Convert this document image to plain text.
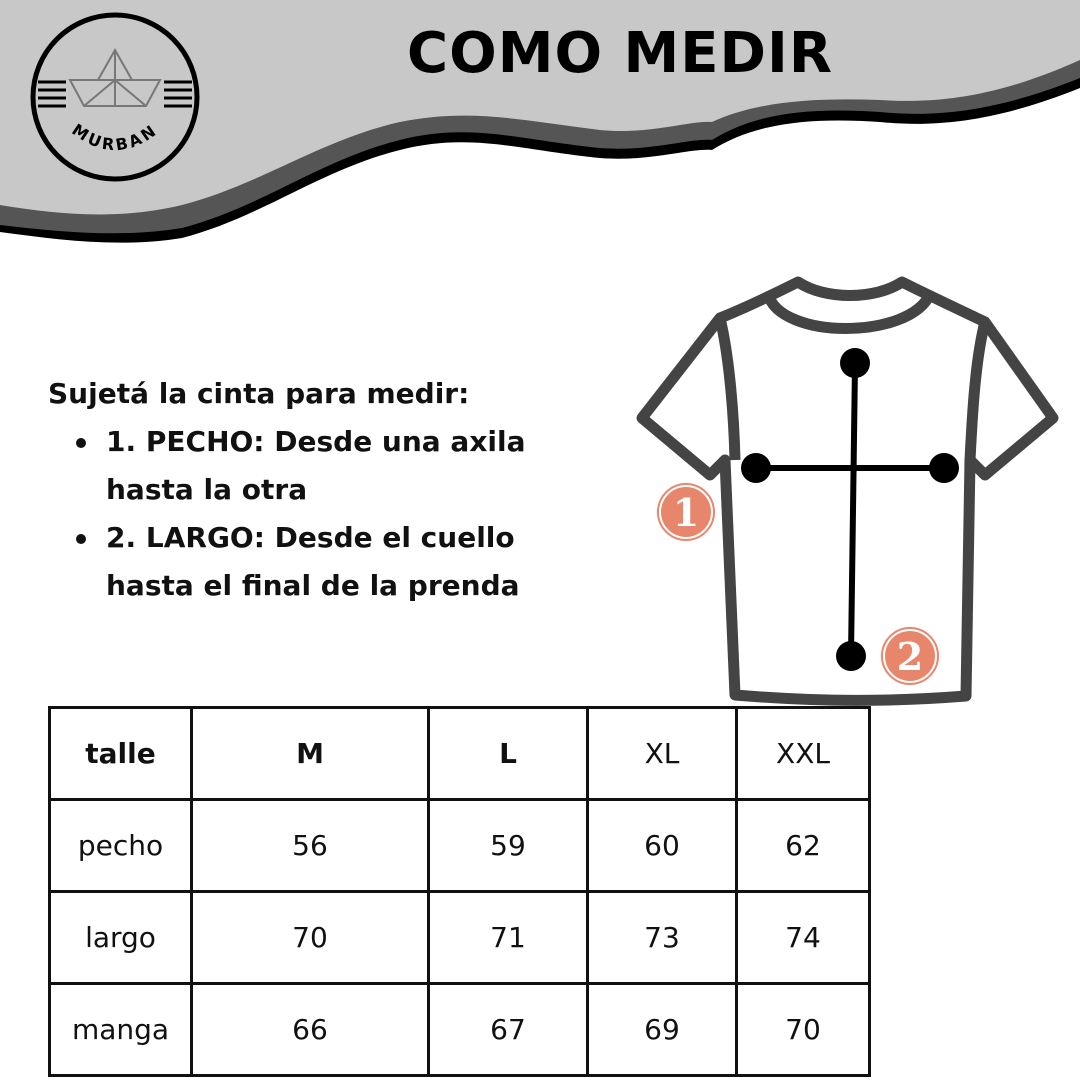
MURBAN
COMO MEDIR
Sujetá la cinta para medir:
1. PECHO: Desde una axila hasta la otra
2. LARGO: Desde el cuello hasta el final de la prenda
1
2
talle	M	L	XL	XXL
pecho	56	59	60	62
largo	70	71	73	74
manga	66	67	69	70
